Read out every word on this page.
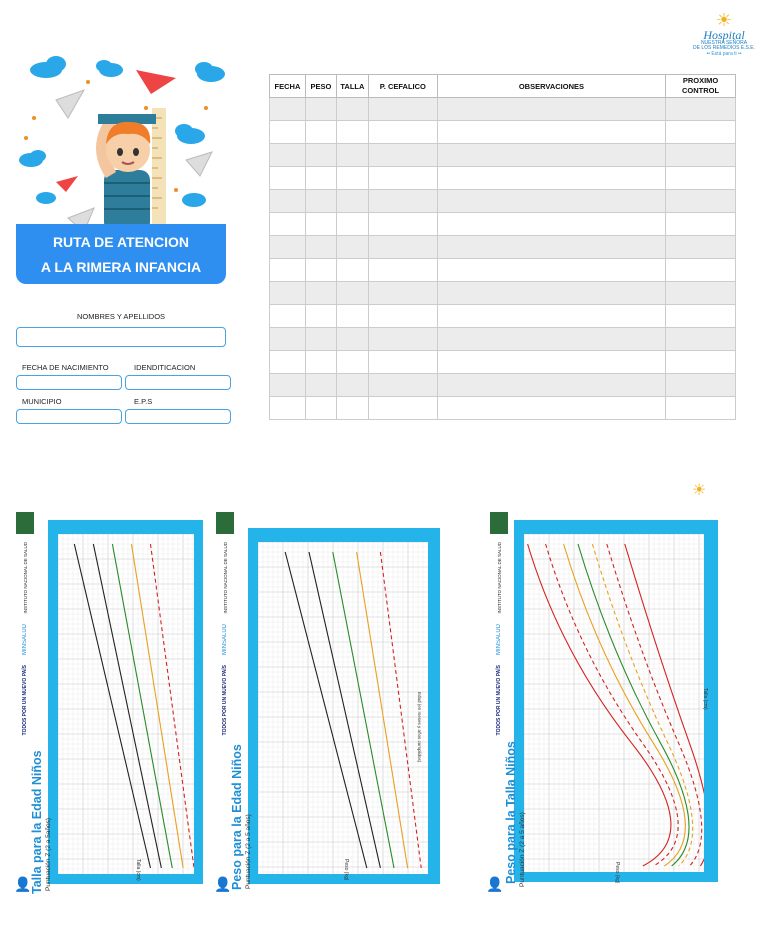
☀
Hospital
NUESTRA SEÑORA
DE LOS REMEDIOS E.S.E.
•• Está para ti ••
RUTA DE ATENCION
A LA RIMERA INFANCIA
NOMBRES Y APELLIDOS
FECHA DE NACIMIENTO	IDENDITICACION
MUNICIPIO	E.P.S
FECHA	PESO	TALLA	P. CEFALICO	OBSERVACIONES	PROXIMO
CONTROL

☀
Talla para la Edad Niños Puntuación Z (2 a 5años)	Talla (cm)
INSTITUTO NACIONAL DE SALUD
MINSALUD
TODOS POR UN NUEVO PAÍS
👤
INSTITUTO NACIONAL DE SALUD
MINSALUD
TODOS POR UN NUEVO PAÍS
Peso para la Edad Niños Puntuación Z (2 a 5 años)
Edad (en meses y años cumplidos)
Peso (kg)
👤
INSTITUTO NACIONAL DE SALUD
MINSALUD
TODOS POR UN NUEVO PAÍS
Peso para la Talla Niños Puntuación Z (2 a 5 años)
Talla (cm)
Peso (kg)
👤
